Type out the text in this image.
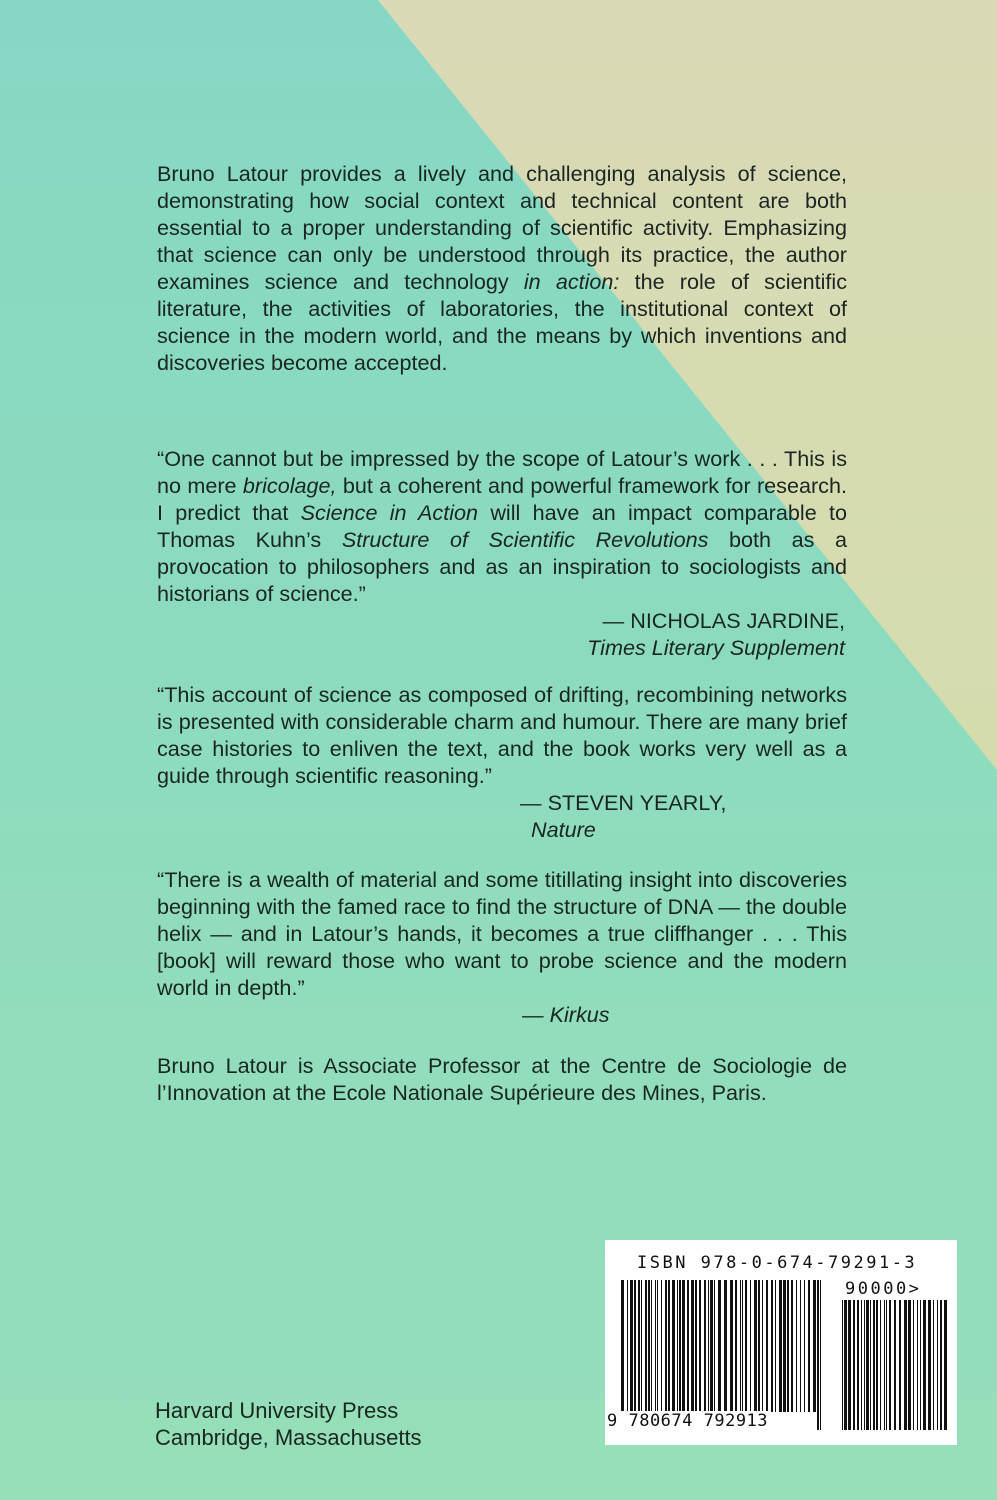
Bruno Latour provides a lively and challenging analysis of science, demonstrating how social context and technical content are both essential to a proper understanding of scientific activity. Emphasizing that science can only be understood through its practice, the author examines science and technology in action: the role of scientific literature, the activities of laboratories, the institutional context of science in the modern world, and the means by which inventions and discoveries become accepted.

“One cannot but be impressed by the scope of Latour’s work . . . This is no mere bricolage, but a coherent and powerful framework for research. I predict that Science in Action will have an impact comparable to Thomas Kuhn’s Structure of Scientific Revolutions both as a provocation to philosophers and as an inspiration to sociologists and historians of science.”

— NICHOLAS JARDINE,

Times Literary Supplement

“This account of science as composed of drifting, recombining networks is presented with considerable charm and humour. There are many brief case histories to enliven the text, and the book works very well as a guide through scientific reasoning.”

— STEVEN YEARLY,

Nature

“There is a wealth of material and some titillating insight into discoveries beginning with the famed race to find the structure of DNA — the double helix — and in Latour’s hands, it becomes a true cliffhanger . . . This [book] will reward those who want to probe science and the modern world in depth.”

— Kirkus

Bruno Latour is Associate Professor at the Centre de Sociologie de l’Innovation at the Ecole Nationale Supérieure des Mines, Paris.

Harvard University Press
Cambridge, Massachusetts
ISBN 978-0-674-79291-3
90000>
9 780674 792913
